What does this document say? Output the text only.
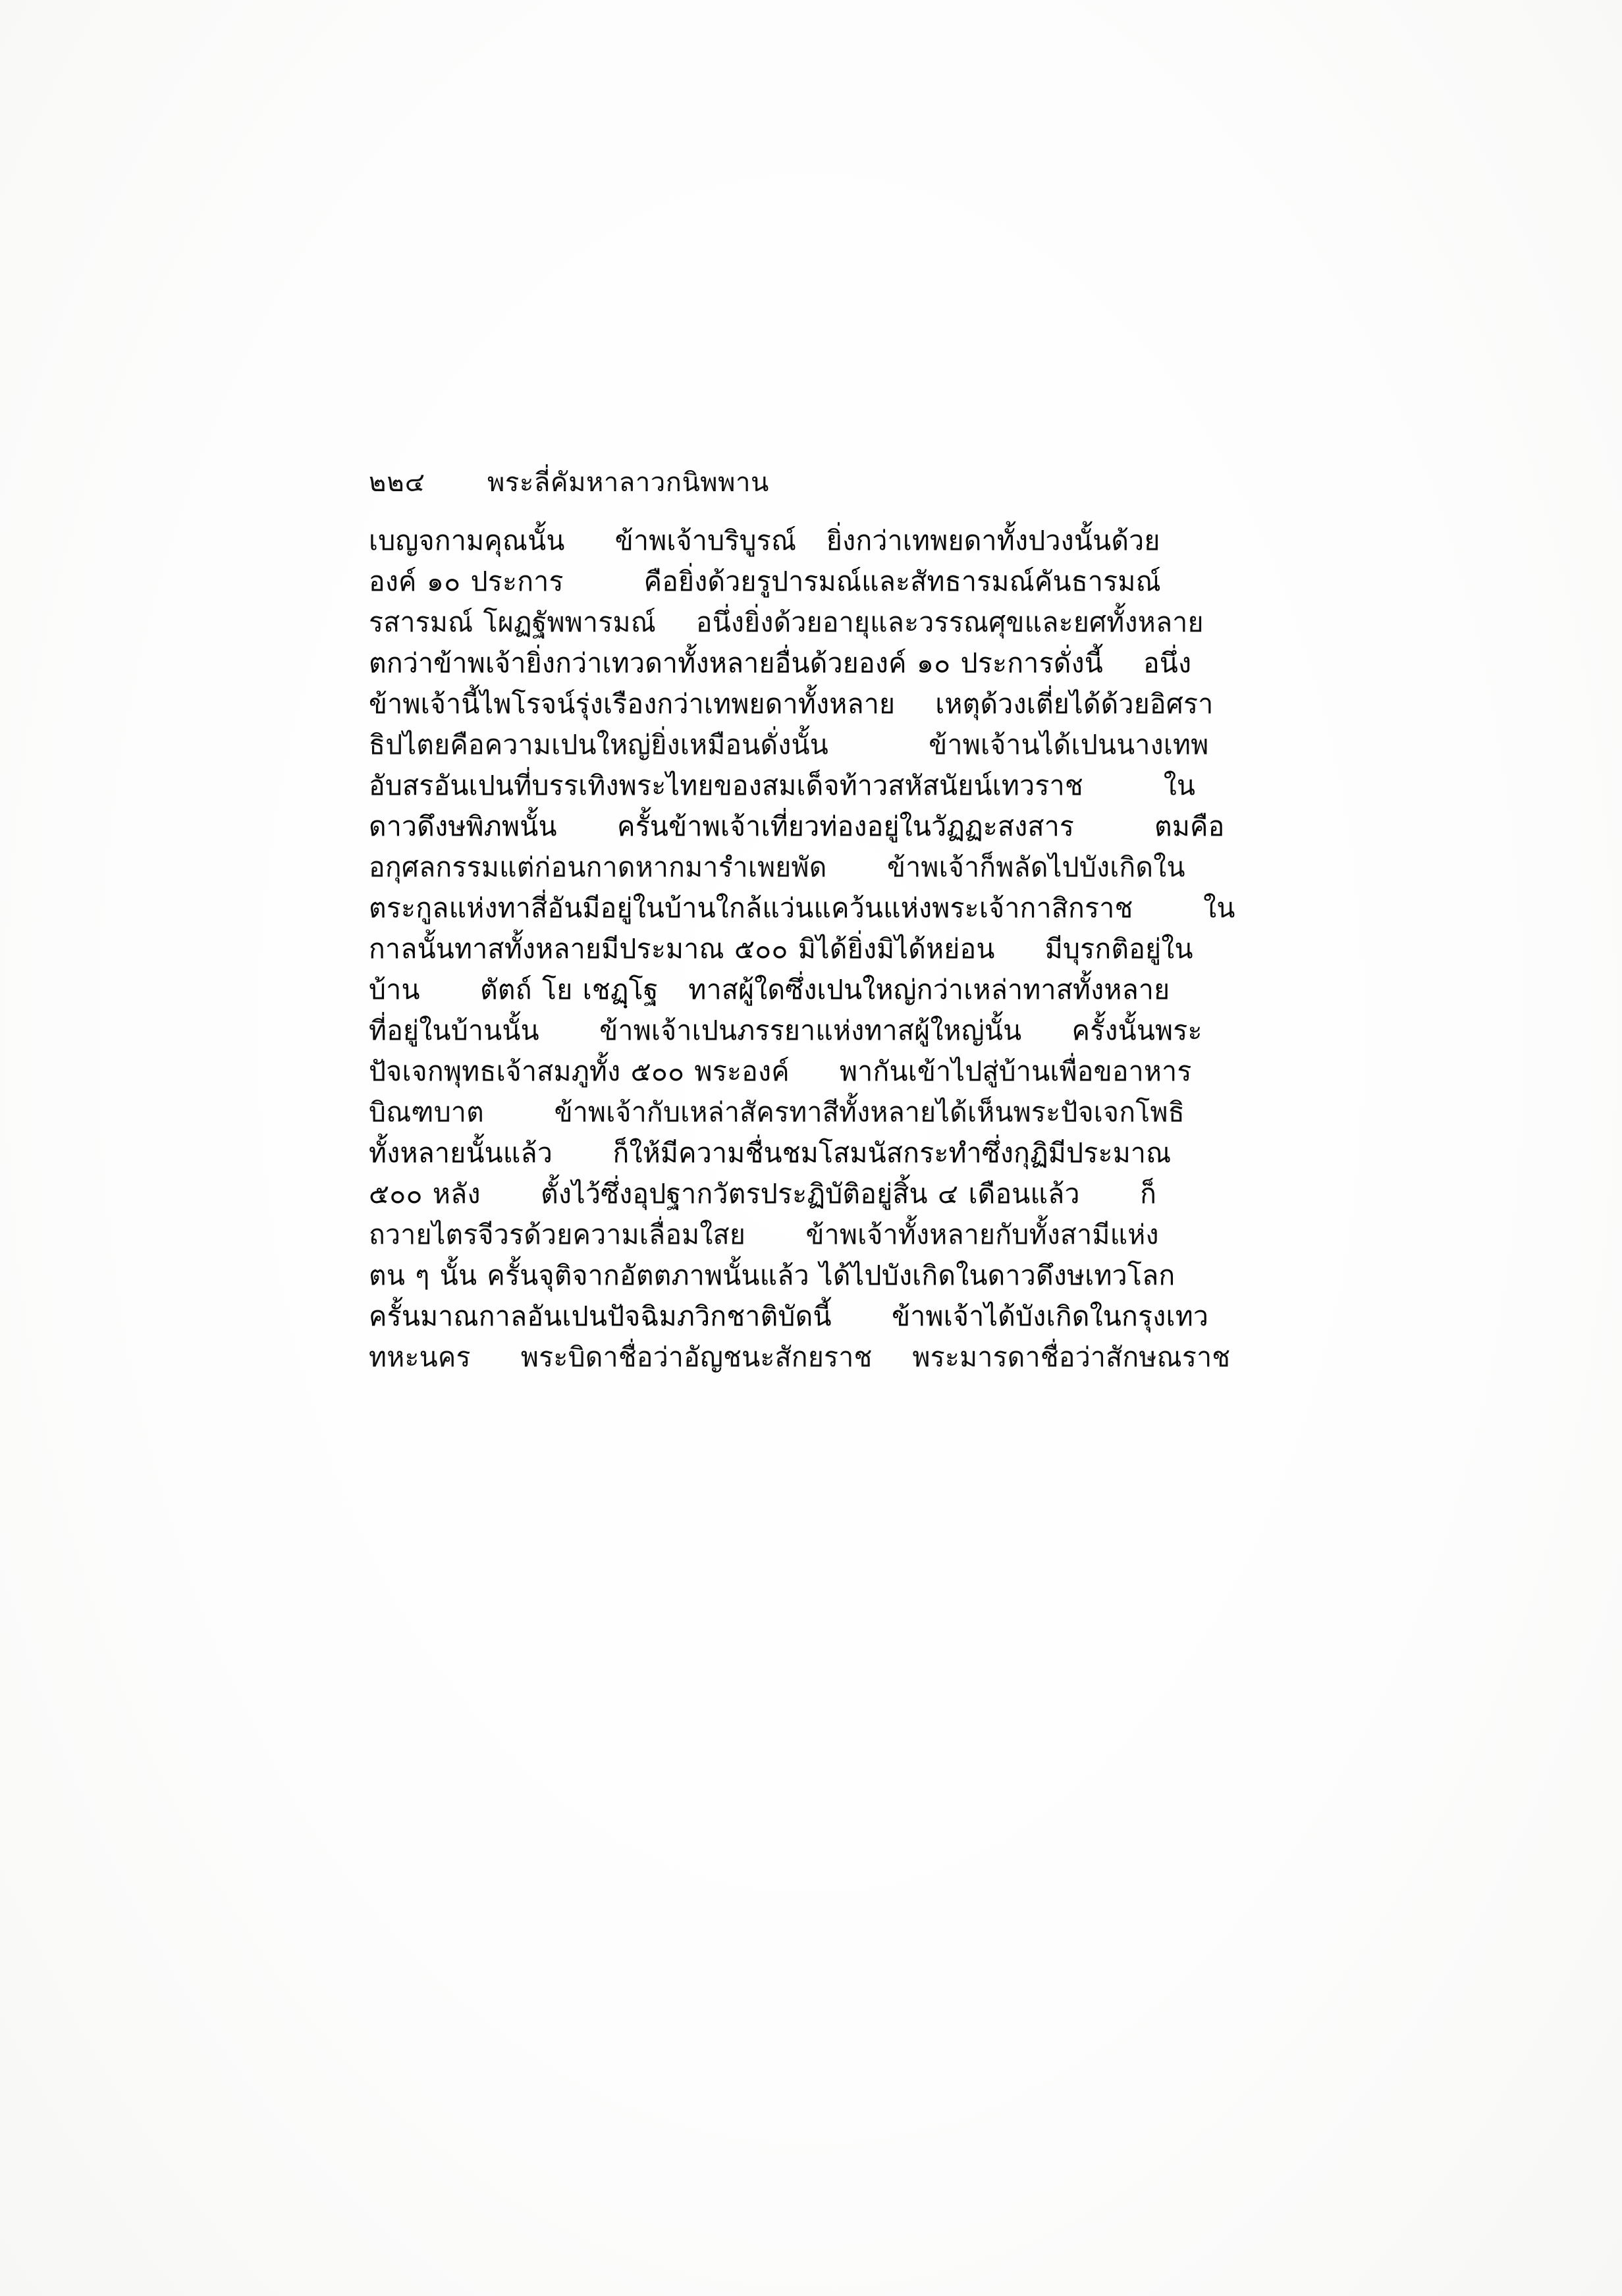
๒๒๔	พระลี่คัมหาลาวกนิพพาน
เบญจกามคุณนั้น     ข้าพเจ้าบริบูรณ์   ยิ่งกว่าเทพยดาทั้งปวงนั้นด้วย
องค์ ๑๐ ประการ        คือยิ่งด้วยรูปารมณ์และสัทธารมณ์คันธารมณ์
รสารมณ์ โผฏฐัพพารมณ์    อนึ่งยิ่งด้วยอายุและวรรณศุขและยศทั้งหลาย
ตกว่าข้าพเจ้ายิ่งกว่าเทวดาทั้งหลายอื่นด้วยองค์ ๑๐ ประการดั่งนี้    อนึ่ง
ข้าพเจ้านี้ไพโรจน์รุ่งเรืองกว่าเทพยดาทั้งหลาย    เหตุด้วงเตี่ยได้ด้วยอิศรา
ธิปไตยคือความเปนใหญ่ยิ่งเหมือนดั่งนั้น          ข้าพเจ้านได้เปนนางเทพ
อับสรอันเปนที่บรรเทิงพระไทยของสมเด็จท้าวสหัสนัยน์เทวราช        ใน
ดาวดึงษพิภพนั้น      ครั้นข้าพเจ้าเที่ยวท่องอยู่ในวัฏฏะสงสาร        ตมคือ
อกุศลกรรมแต่ก่อนกาดหากมารำเพยพัด      ข้าพเจ้าก็พลัดไปบังเกิดใน
ตระกูลแห่งทาสี่อันมีอยู่ในบ้านใกล้แว่นแคว้นแห่งพระเจ้ากาสิกราช       ใน
กาลนั้นทาสทั้งหลายมีประมาณ ๕๐๐ มิได้ยิ่งมิได้หย่อน     มีบุรกติอยู่ใน
บ้าน      ตัตถ์ โย เชฏฺโฐ   ทาสผู้ใดซึ่งเปนใหญ่กว่าเหล่าทาสทั้งหลาย
ที่อยู่ในบ้านนั้น      ข้าพเจ้าเปนภรรยาแห่งทาสผู้ใหญ่นั้น     ครั้งนั้นพระ
ปัจเจกพุทธเจ้าสมภูทั้ง ๕๐๐ พระองค์     พากันเข้าไปสู่บ้านเพื่อขอาหาร
บิณฑบาต       ข้าพเจ้ากับเหล่าสัครทาสีทั้งหลายได้เห็นพระปัจเจกโพธิ
ทั้งหลายนั้นแล้ว      ก็ให้มีความชื่นชมโสมนัสกระทำซึ่งกุฏิมีประมาณ
๕๐๐ หลัง      ตั้งไว้ซึ่งอุปฐากวัตรประฏิบัติอยู่สิ้น ๔ เดือนแล้ว      ก็
ถวายไตรจีวรด้วยความเลื่อมใสย      ข้าพเจ้าทั้งหลายกับทั้งสามีแห่ง
ตน ๆ นั้น ครั้นจุติจากอัตตภาพนั้นแล้ว ได้ไปบังเกิดในดาวดึงษเทวโลก
ครั้นมาณกาลอันเปนปัจฉิมภวิกชาติบัดนี้      ข้าพเจ้าได้บังเกิดในกรุงเทว
ทหะนคร     พระบิดาชื่อว่าอัญชนะสักยราช    พระมารดาชื่อว่าสักษณราช
